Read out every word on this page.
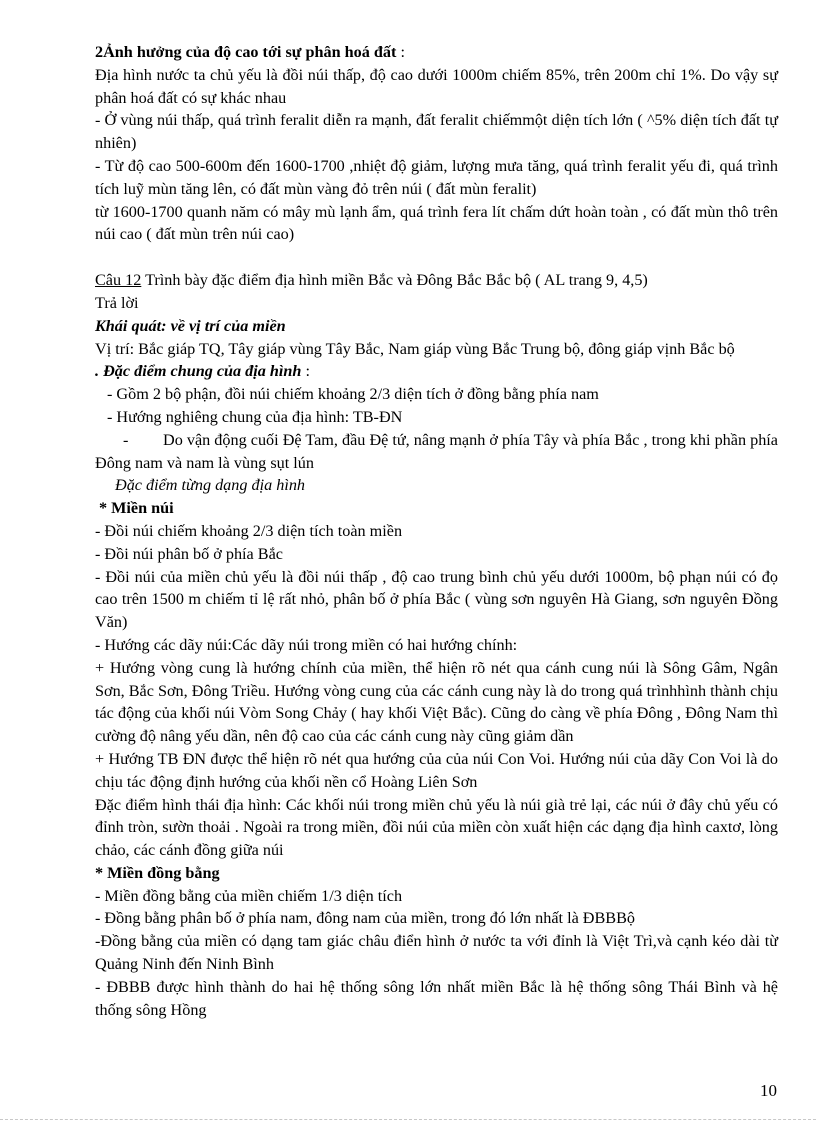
2Ảnh hưởng của độ cao tới sự phân hoá đất :

Địa hình nước ta chủ yếu là đồi núi thấp, độ cao dưới 1000m chiếm 85%, trên 200m chỉ 1%. Do vậy sự phân hoá đất có sự khác nhau

- Ở vùng núi thấp, quá trình feralit diễn ra mạnh, đất feralit chiếmmột diện tích lớn ( ^5% diện tích đất tự nhiên)

- Từ độ cao 500-600m đến 1600-1700 ,nhiệt độ giảm, lượng mưa tăng, quá trình feralit yếu đi, quá trình tích luỹ mùn tăng lên, có đất mùn vàng đỏ trên núi ( đất mùn feralit)

từ 1600-1700 quanh năm có mây mù lạnh ẩm, quá trình fera lít chấm dứt hoàn toàn , có đất mùn thô trên núi cao ( đất mùn trên núi cao)

Câu 12 Trình bày đặc điểm địa hình miền Bắc và Đông Bắc Bắc bộ ( AL trang 9, 4,5)

Trả lời

Khái quát: về vị trí của miền

Vị trí: Bắc giáp TQ, Tây giáp vùng Tây Bắc, Nam giáp vùng Bắc Trung bộ, đông giáp vịnh Bắc bộ

. Đặc điểm chung của địa hình :

- Gồm 2 bộ phận, đồi núi chiếm khoảng 2/3 diện tích ở đồng bằng phía nam

- Hướng nghiêng chung của địa hình: TB-ĐN

- Do vận động cuối Đệ Tam, đầu Đệ tứ, nâng mạnh ở phía Tây và phía Bắc , trong khi phần phía Đông nam và nam là vùng sụt lún

Đặc điểm từng dạng địa hình

* Miền núi

- Đồi núi chiếm khoảng 2/3 diện tích toàn miền

- Đồi núi phân bố ở phía Bắc

- Đồi núi của miền chủ yếu là đồi núi thấp , độ cao trung bình chủ yếu dưới 1000m, bộ phạn núi có đọ cao trên 1500 m chiếm tỉ lệ rất nhỏ, phân bố ở phía Bắc ( vùng sơn nguyên Hà Giang, sơn nguyên Đồng Văn)

- Hướng các dãy núi:Các dãy núi trong miền có hai hướng chính:

+ Hướng vòng cung là hướng chính của miền, thể hiện rõ nét qua cánh cung núi là Sông Gâm, Ngân Sơn, Bắc Sơn, Đông Triều. Hướng vòng cung của các cánh cung này là do trong quá trìnhhình thành chịu tác động của khối núi Vòm Song Chảy ( hay khối Việt Bắc). Cũng do càng về phía Đông , Đông Nam thì cường độ nâng yếu dần, nên độ cao của các cánh cung này cũng giảm dần

+ Hướng TB ĐN được thể hiện rõ nét qua hướng của của núi Con Voi. Hướng núi của dãy Con Voi là do chịu tác động định hướng của khối nền cổ Hoàng Liên Sơn

Đặc điểm hình thái địa hình: Các khối núi trong miền chủ yếu là núi già trẻ lại, các núi ở đây chủ yếu có đỉnh tròn, sườn thoải . Ngoài ra trong miền, đồi núi của miền còn xuất hiện các dạng địa hình caxtơ, lòng chảo, các cánh đồng giữa núi

* Miền đồng bằng

- Miền đồng bằng của miền chiếm 1/3 diện tích

- Đồng bằng phân bố ở phía nam, đông nam của miền, trong đó lớn nhất là ĐBBBộ

-Đồng bằng của miền có dạng tam giác châu điển hình ở nước ta với đỉnh là Việt Trì,và cạnh kéo dài từ Quảng Ninh đến Ninh Bình

- ĐBBB được hình thành do hai hệ thống sông lớn nhất miền Bắc là hệ thống sông Thái Bình và hệ thống sông Hồng

10
